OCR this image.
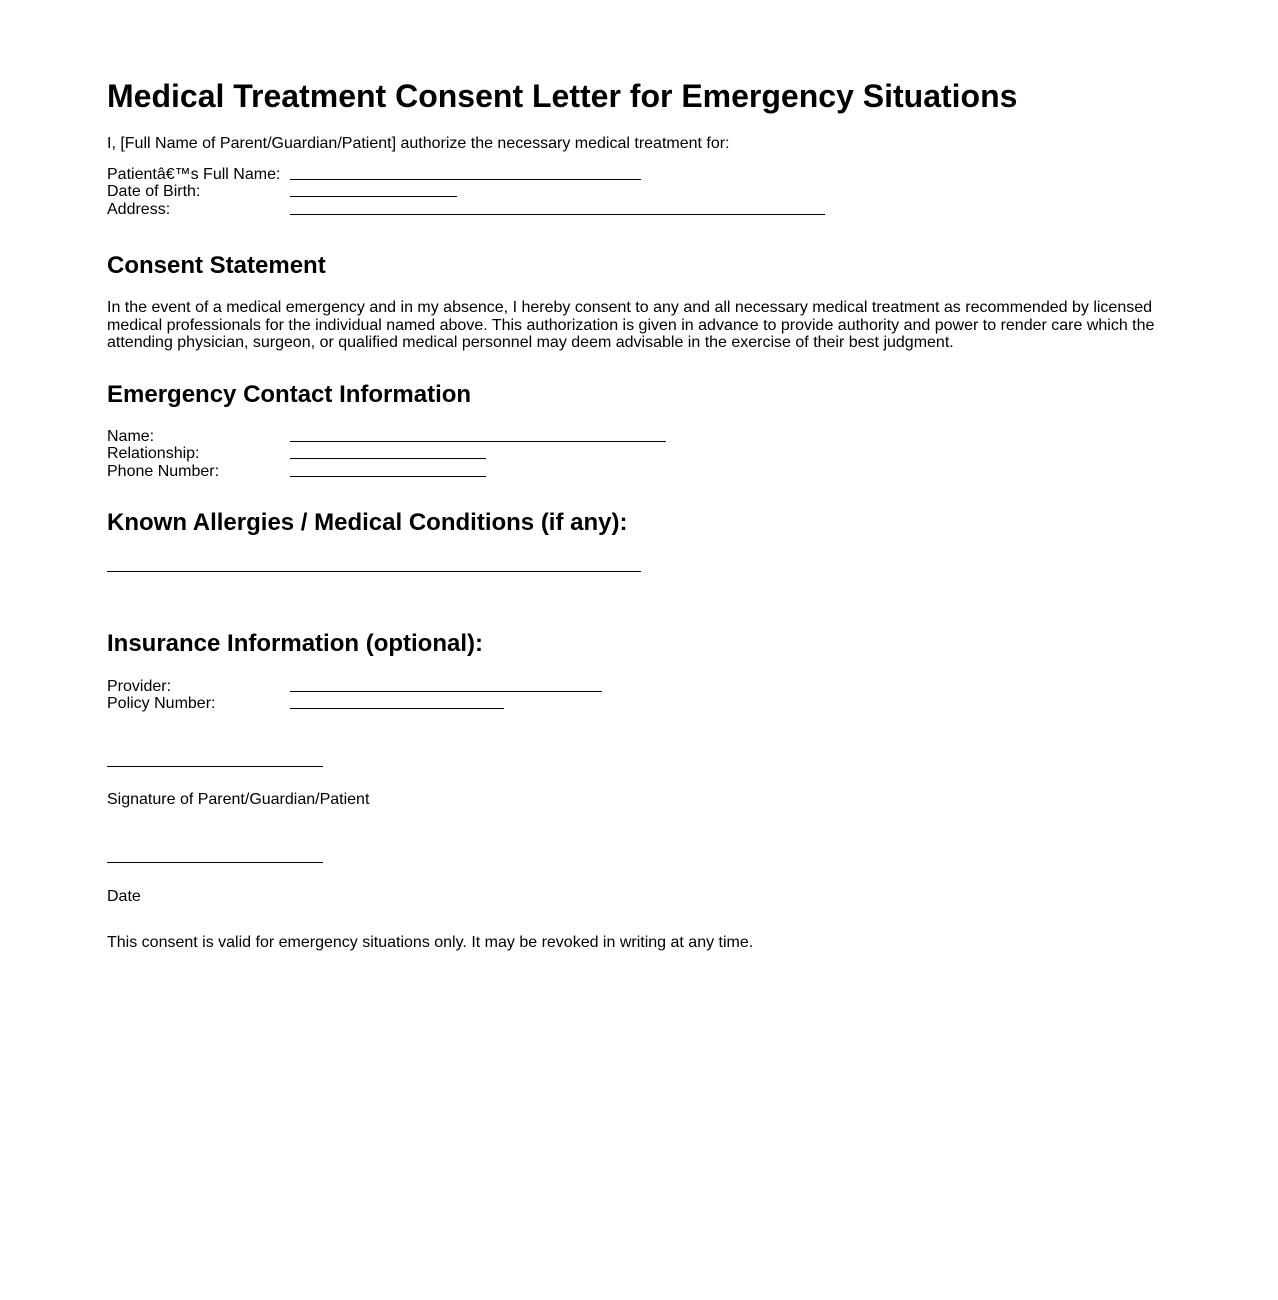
Medical Treatment Consent Letter for Emergency Situations

I, [Full Name of Parent/Guardian/Patient] authorize the necessary medical treatment for:

Patientâ€™s Full Name:
Date of Birth:
Address:
Consent Statement

In the event of a medical emergency and in my absence, I hereby consent to any and all necessary medical treatment as recommended by licensed medical professionals for the individual named above. This authorization is given in advance to provide authority and power to render care which the attending physician, surgeon, or qualified medical personnel may deem advisable in the exercise of their best judgment.

Emergency Contact Information
Name:
Relationship:
Phone Number:
Known Allergies / Medical Conditions (if any):
Insurance Information (optional):
Provider:
Policy Number:

Signature of Parent/Guardian/Patient

Date

This consent is valid for emergency situations only. It may be revoked in writing at any time.
